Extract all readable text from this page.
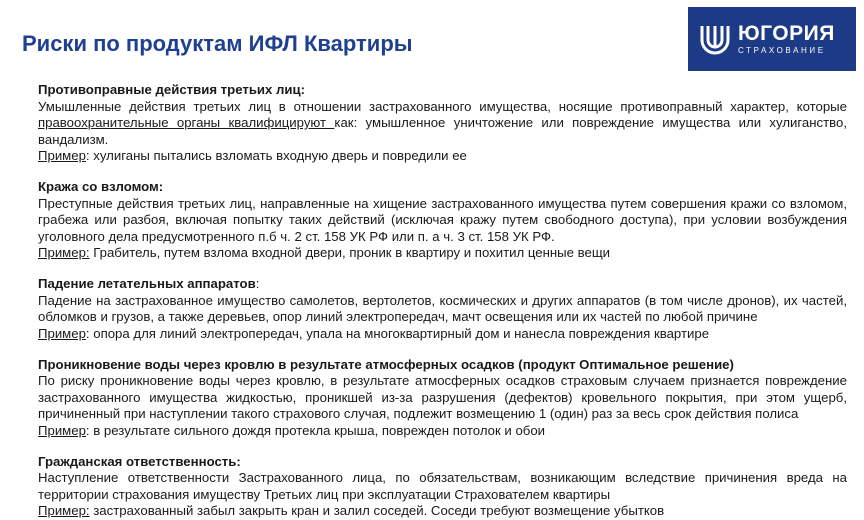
Риски по продуктам ИФЛ Квартиры	ЮГОРИЯ
СТРАХОВАНИЕ
Противоправные действия третьих лиц:
Умышленные действия третьих лиц в отношении застрахованного имущества, носящие противоправный характер, которые правоохранительные органы квалифицируют как: умышленное уничтожение или повреждение имущества или хулиганство, вандализм.
Пример: хулиганы пытались взломать входную дверь и повредили ее
Кража со взломом:
Преступные действия третьих лиц, направленные на хищение застрахованного имущества путем совершения кражи со взломом, грабежа или разбоя, включая попытку таких действий (исключая кражу путем свободного доступа), при условии возбуждения уголовного дела предусмотренного п.б ч. 2 ст. 158 УК РФ или п. а ч. 3 ст. 158 УК РФ.
Пример: Грабитель, путем взлома входной двери, проник в квартиру и похитил ценные вещи
Падение летательных аппаратов:
Падение на застрахованное имущество самолетов, вертолетов, космических и других аппаратов (в том числе дронов), их частей, обломков и грузов, а также деревьев, опор линий электропередач, мачт освещения или их частей по любой причине
Пример: опора для линий электропередач, упала на многоквартирный дом и нанесла повреждения квартире
Проникновение воды через кровлю в результате атмосферных осадков (продукт Оптимальное решение)
По риску проникновение воды через кровлю, в результате атмосферных осадков страховым случаем признается повреждение застрахованного имущества жидкостью, проникшей из-за разрушения (дефектов) кровельного покрытия, при этом ущерб, причиненный при наступлении такого страхового случая, подлежит возмещению 1 (один) раз за весь срок действия полиса
Пример: в результате сильного дождя протекла крыша, поврежден потолок и обои
Гражданская ответственность:
Наступление ответственности Застрахованного лица, по обязательствам, возникающим вследствие причинения вреда на территории страхования имуществу Третьих лиц при эксплуатации Страхователем квартиры
Пример: застрахованный забыл закрыть кран и залил соседей. Соседи требуют возмещение убытков
